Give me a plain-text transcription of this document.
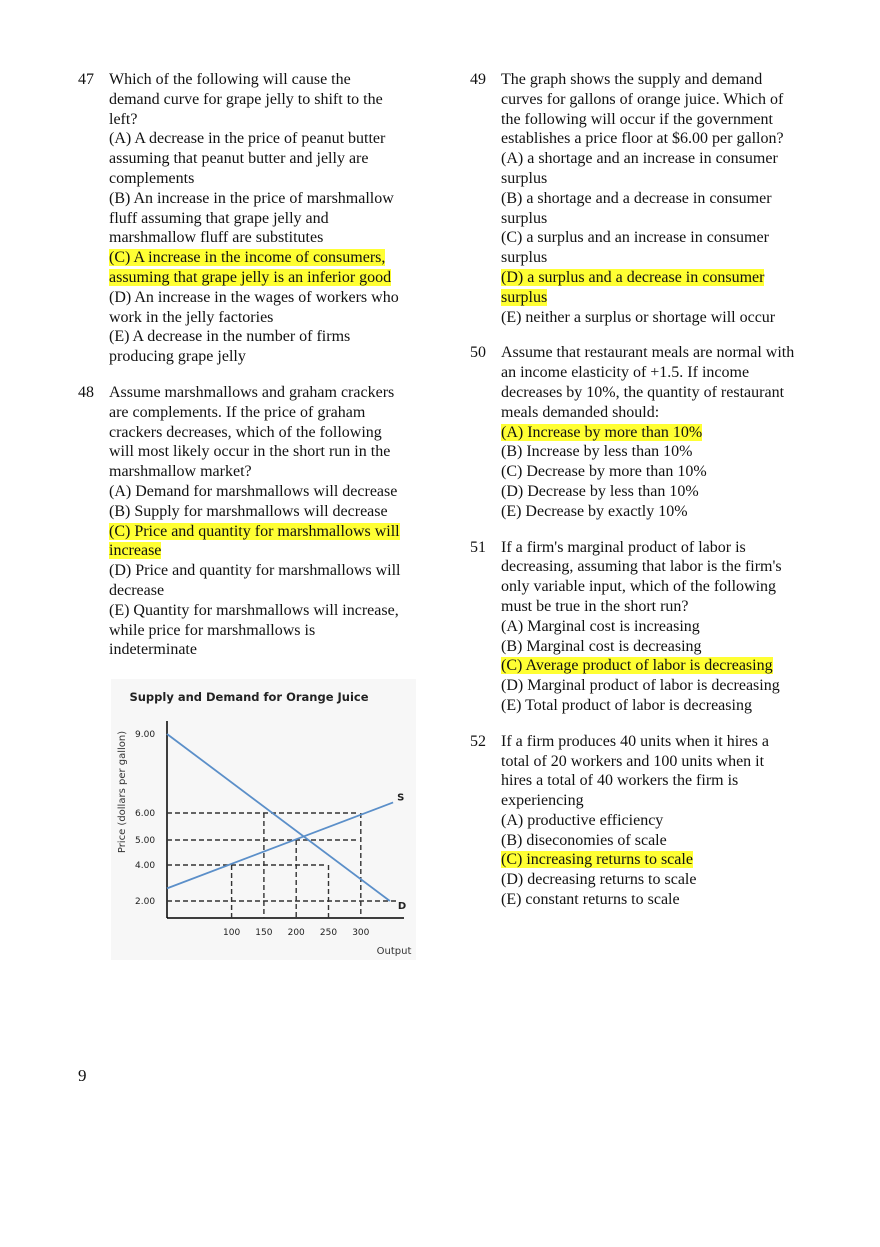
47 Which of the following will cause the
demand curve for grape jelly to shift to the
left?
(A) A decrease in the price of peanut butter
assuming that peanut butter and jelly are
complements
(B) An increase in the price of marshmallow
fluff assuming that grape jelly and
marshmallow fluff are substitutes
(C) A increase in the income of consumers,
assuming that grape jelly is an inferior good
(D) An increase in the wages of workers who
work in the jelly factories
(E) A decrease in the number of firms
producing grape jelly
48 Assume marshmallows and graham crackers
are complements. If the price of graham
crackers decreases, which of the following
will most likely occur in the short run in the
marshmallow market?
(A) Demand for marshmallows will decrease
(B) Supply for marshmallows will decrease
(C) Price and quantity for marshmallows will
increase
(D) Price and quantity for marshmallows will
decrease
(E) Quantity for marshmallows will increase,
while price for marshmallows is
indeterminate
Supply and Demand for Orange Juice
Price (dollars per gallon)
Output
9.00
6.00
5.00
4.00
2.00
100 150 200 250 300
S
D
49 The graph shows the supply and demand
curves for gallons of orange juice. Which of
the following will occur if the government
establishes a price floor at $6.00 per gallon?
(A) a shortage and an increase in consumer
surplus
(B) a shortage and a decrease in consumer
surplus
(C) a surplus and an increase in consumer
surplus
(D) a surplus and a decrease in consumer
surplus
(E) neither a surplus or shortage will occur
50 Assume that restaurant meals are normal with
an income elasticity of +1.5. If income
decreases by 10%, the quantity of restaurant
meals demanded should:
(A) Increase by more than 10%
(B) Increase by less than 10%
(C) Decrease by more than 10%
(D) Decrease by less than 10%
(E) Decrease by exactly 10%
51 If a firm's marginal product of labor is
decreasing, assuming that labor is the firm's
only variable input, which of the following
must be true in the short run?
(A) Marginal cost is increasing
(B) Marginal cost is decreasing
(C) Average product of labor is decreasing
(D) Marginal product of labor is decreasing
(E) Total product of labor is decreasing
52 If a firm produces 40 units when it hires a
total of 20 workers and 100 units when it
hires a total of 40 workers the firm is
experiencing
(A) productive efficiency
(B) diseconomies of scale
(C) increasing returns to scale
(D) decreasing returns to scale
(E) constant returns to scale
9
